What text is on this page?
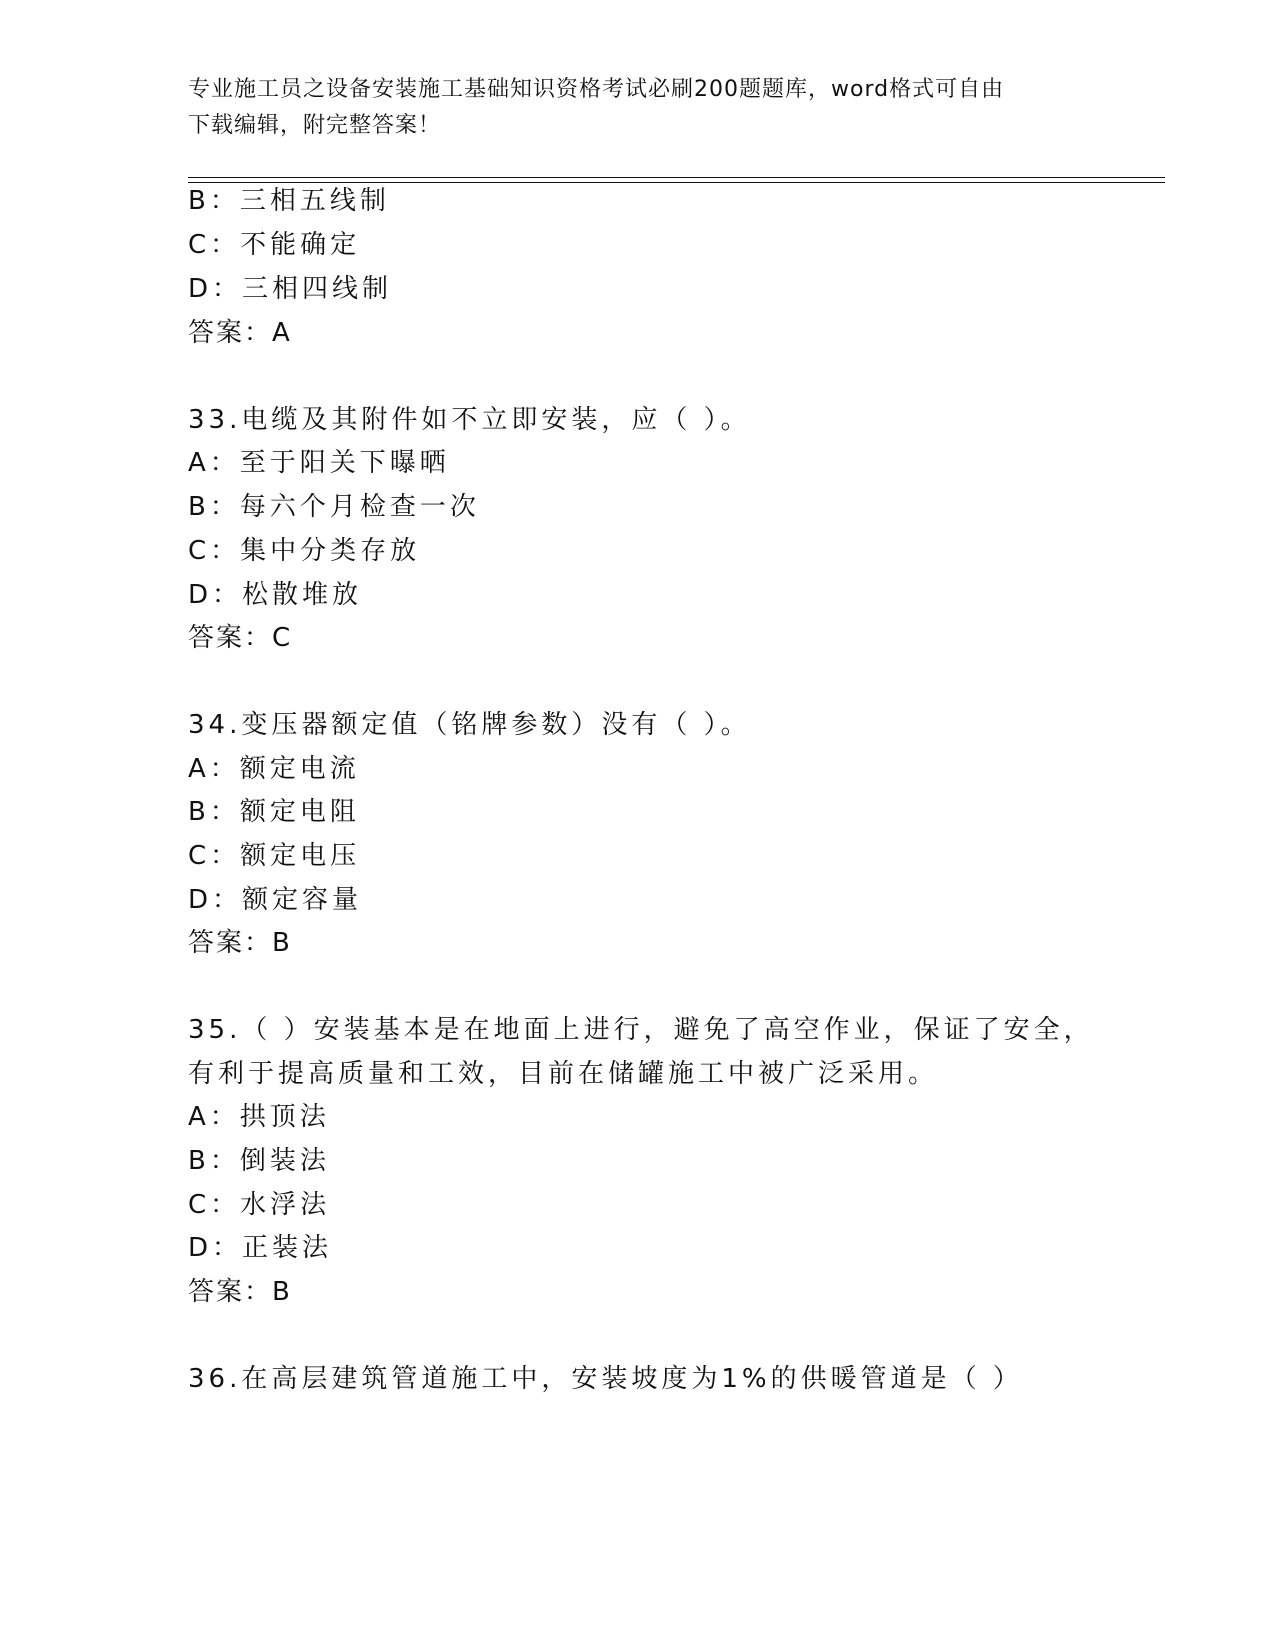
专业施工员之设备安装施工基础知识资格考试必刷200题题库，word格式可自由
下载编辑，附完整答案！
B：三相五线制
C：不能确定
D：三相四线制
答案：A
33.电缆及其附件如不立即安装，应（ ）。
A：至于阳关下曝晒
B：每六个月检查一次
C：集中分类存放
D：松散堆放
答案：C
34.变压器额定值（铭牌参数）没有（ ）。
A：额定电流
B：额定电阻
C：额定电压
D：额定容量
答案：B
35.（ ）安装基本是在地面上进行，避免了高空作业，保证了安全，
有利于提高质量和工效，目前在储罐施工中被广泛采用。
A：拱顶法
B：倒装法
C：水浮法
D：正装法
答案：B
36.在高层建筑管道施工中，安装坡度为1%的供暖管道是（ ）
